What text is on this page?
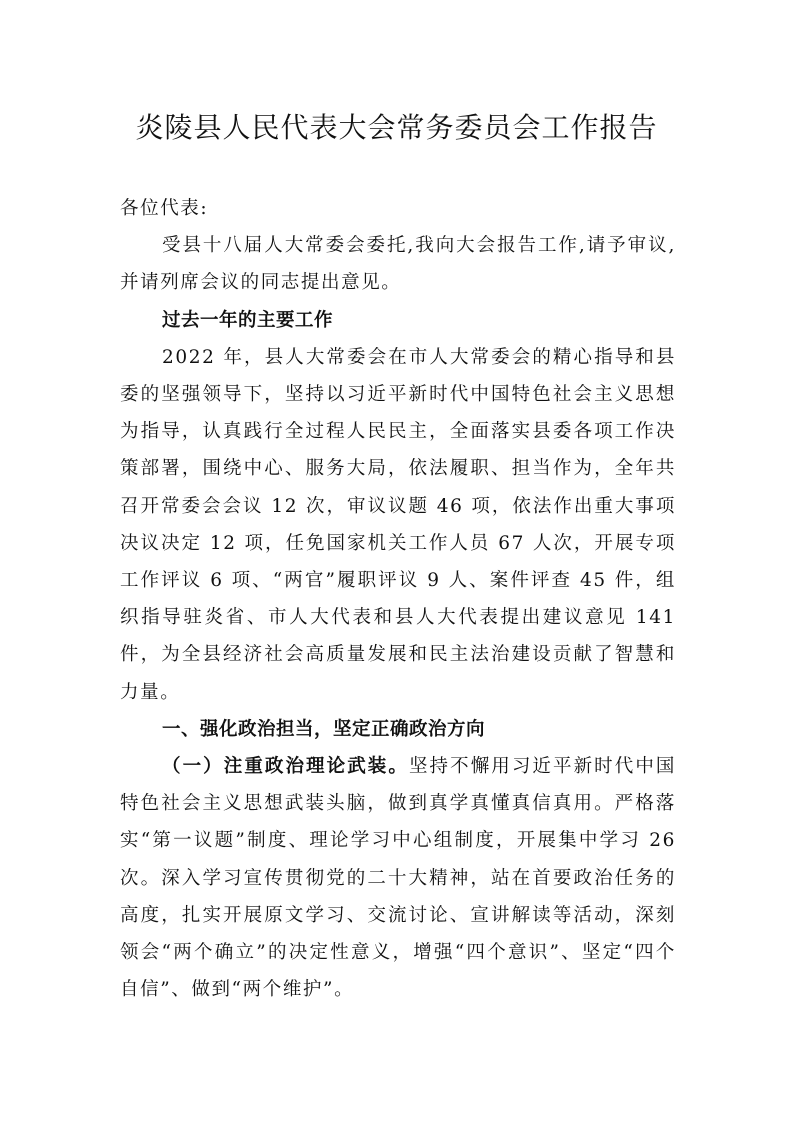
炎陵县人民代表大会常务委员会工作报告

各位代表:

受县十八届人大常委会委托,我向大会报告工作,请予审议,并请列席会议的同志提出意见。

过去一年的主要工作

2022 年，县人大常委会在市人大常委会的精心指导和县委的坚强领导下，坚持以习近平新时代中国特色社会主义思想为指导，认真践行全过程人民民主，全面落实县委各项工作决策部署，围绕中心、服务大局，依法履职、担当作为，全年共召开常委会会议 12 次，审议议题 46 项，依法作出重大事项决议决定 12 项，任免国家机关工作人员 67 人次，开展专项工作评议 6 项、“两官”履职评议 9 人、案件评查 45 件，组织指导驻炎省、市人大代表和县人大代表提出建议意见 141 件，为全县经济社会高质量发展和民主法治建设贡献了智慧和力量。

一、强化政治担当，坚定正确政治方向

（一）注重政治理论武装。坚持不懈用习近平新时代中国特色社会主义思想武装头脑，做到真学真懂真信真用。严格落实“第一议题”制度、理论学习中心组制度，开展集中学习 26 次。深入学习宣传贯彻党的二十大精神，站在首要政治任务的高度，扎实开展原文学习、交流讨论、宣讲解读等活动，深刻领会“两个确立”的决定性意义，增强“四个意识”、坚定“四个自信”、做到“两个维护”。
